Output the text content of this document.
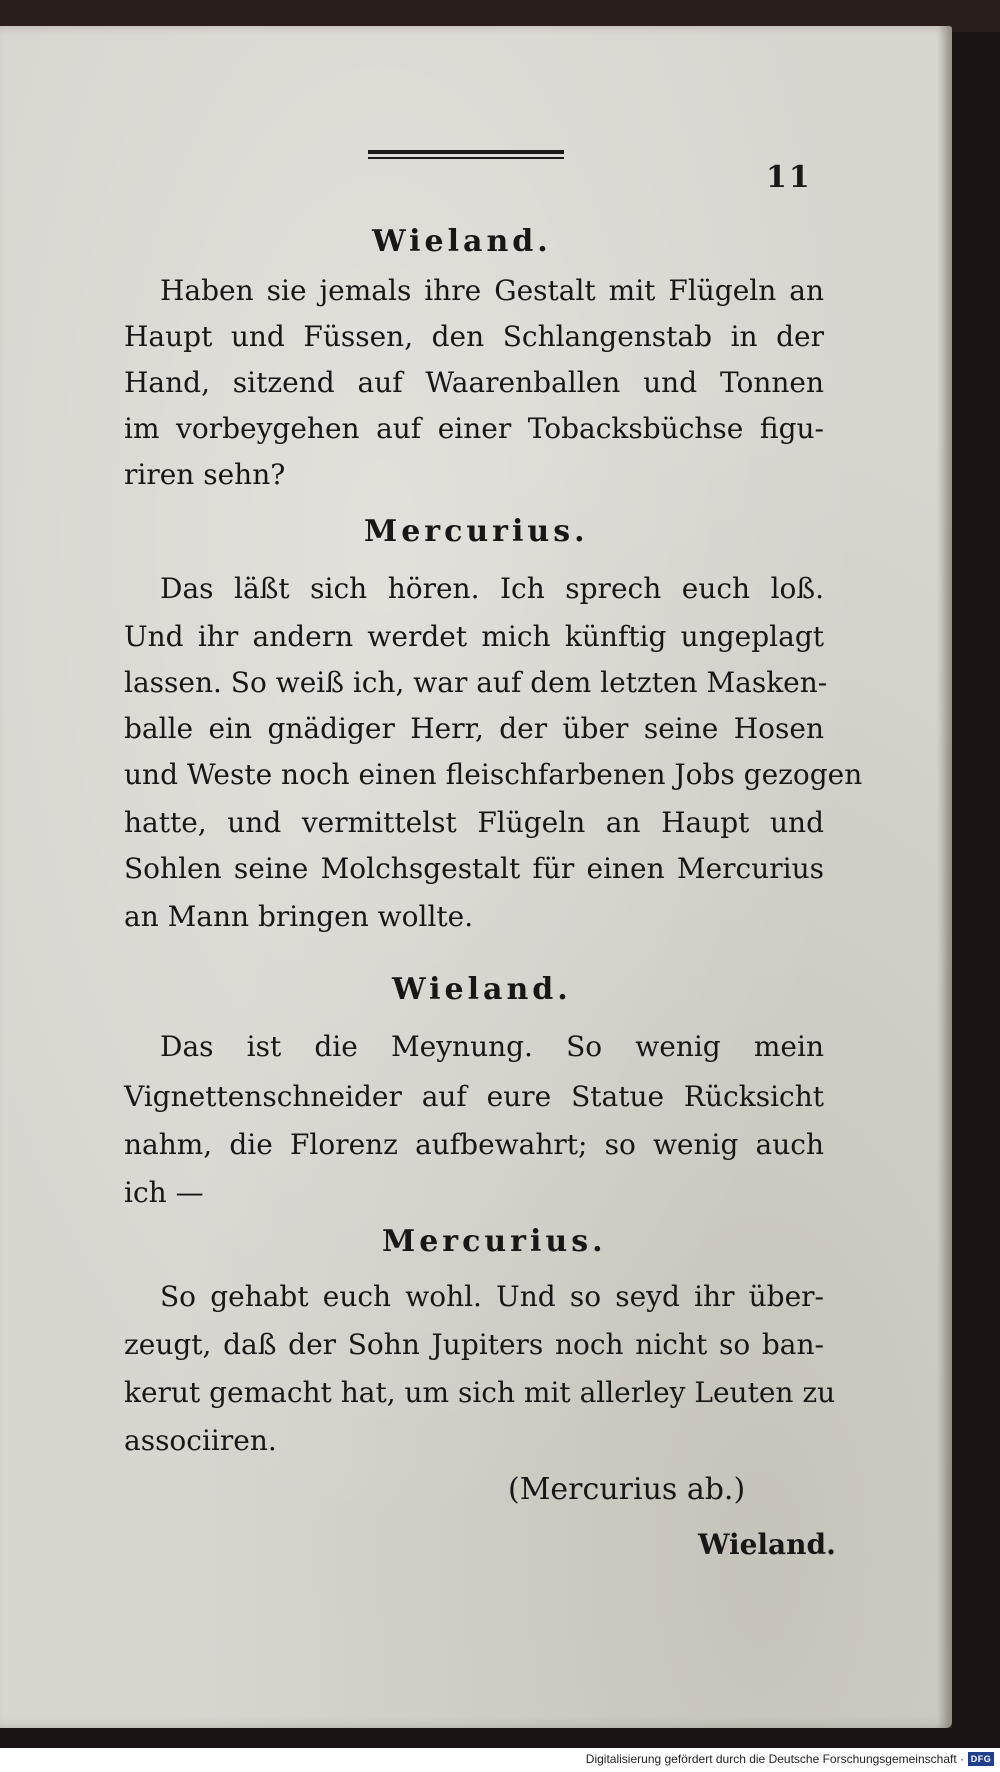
11
Wieland.
Haben sie jemals ihre Gestalt mit Flügeln an
Haupt und Füssen, den Schlangenstab in der
Hand, sitzend auf Waarenballen und Tonnen
im vorbeygehen auf einer Tobacksbüchse figu-
riren sehn?
Mercurius.
Das läßt sich hören. Ich sprech euch loß.
Und ihr andern werdet mich künftig ungeplagt
lassen. So weiß ich, war auf dem letzten Masken-
balle ein gnädiger Herr, der über seine Hosen
und Weste noch einen fleischfarbenen Jobs gezogen
hatte, und vermittelst Flügeln an Haupt und
Sohlen seine Molchsgestalt für einen Mercurius
an Mann bringen wollte.
Wieland.
Das ist die Meynung. So wenig mein
Vignettenschneider auf eure Statue Rücksicht
nahm, die Florenz aufbewahrt; so wenig auch
ich —
Mercurius.
So gehabt euch wohl. Und so seyd ihr über-
zeugt, daß der Sohn Jupiters noch nicht so ban-
kerut gemacht hat, um sich mit allerley Leuten zu
associiren.
(Mercurius ab.)
Wieland.
Digitalisierung gefördert durch die Deutsche Forschungsgemeinschaft · DFG
